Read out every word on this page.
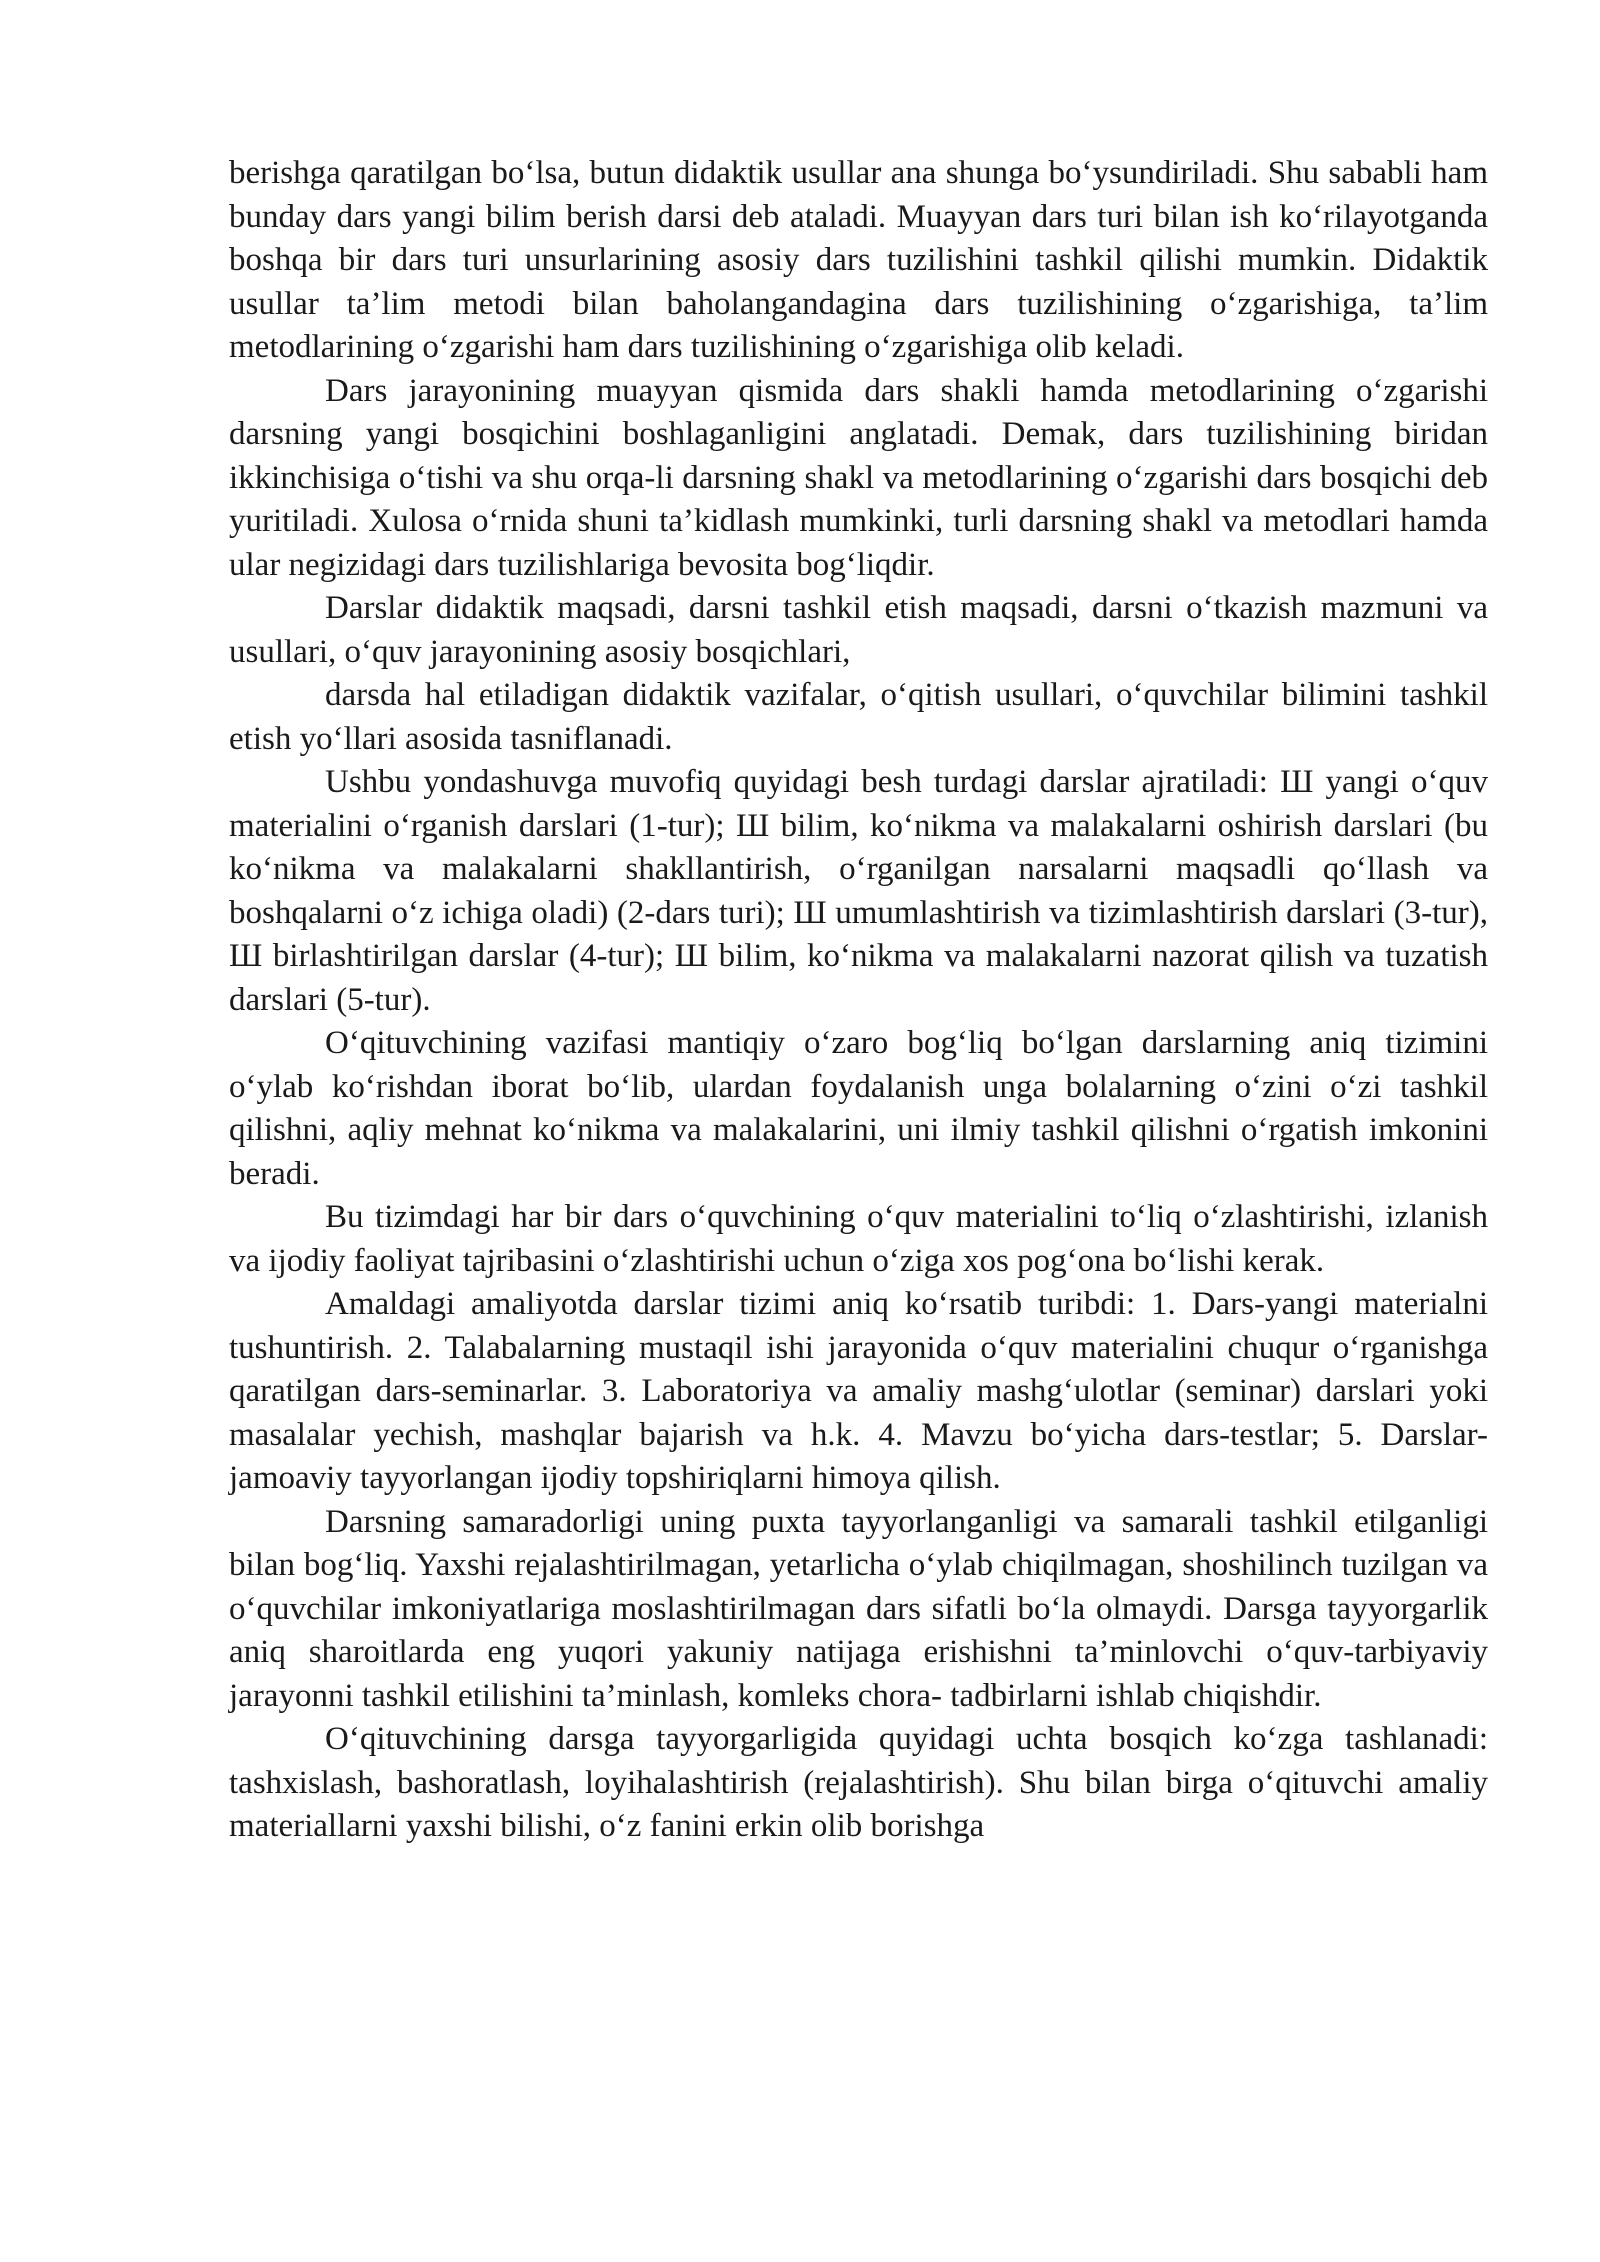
berishga qaratilgan bo‘lsa, butun didaktik usullar ana shunga bo‘ysundiriladi. Shu sababli ham bunday dars yangi bilim berish darsi deb ataladi. Muayyan dars turi bilan ish ko‘rilayotganda boshqa bir dars turi unsurlarining asosiy dars tuzilishini tashkil qilishi mumkin. Didaktik usullar ta’lim metodi bilan baholangandagina dars tuzilishining o‘zgarishiga, ta’lim metodlarining o‘zgarishi ham dars tuzilishining o‘zgarishiga olib keladi.

Dars jarayonining muayyan qismida dars shakli hamda metodlarining o‘zgarishi darsning yangi bosqichini boshlaganligini anglatadi. Demak, dars tuzilishining biridan ikkinchisiga o‘tishi va shu orqa-li darsning shakl va metodlarining o‘zgarishi dars bosqichi deb yuritiladi. Xulosa o‘rnida shuni ta’kidlash mumkinki, turli darsning shakl va metodlari hamda ular negizidagi dars tuzilishlariga bevosita bog‘liqdir.

Darslar didaktik maqsadi, darsni tashkil etish maqsadi, darsni o‘tkazish mazmuni va usullari, o‘quv jarayonining asosiy bosqichlari,

darsda hal etiladigan didaktik vazifalar, o‘qitish usullari, o‘quvchilar bilimini tashkil etish yo‘llari asosida tasniflanadi.

Ushbu yondashuvga muvofiq quyidagi besh turdagi darslar ajratiladi: Ш yangi o‘quv materialini o‘rganish darslari (1-tur); Ш bilim, ko‘nikma va malakalarni oshirish darslari (bu ko‘nikma va malakalarni shakllantirish, o‘rganilgan narsalarni maqsadli qo‘llash va boshqalarni o‘z ichiga oladi) (2-dars turi); Ш umumlashtirish va tizimlashtirish darslari (3-tur), Ш birlashtirilgan darslar (4-tur); Ш bilim, ko‘nikma va malakalarni nazorat qilish va tuzatish darslari (5-tur).

O‘qituvchining vazifasi mantiqiy o‘zaro bog‘liq bo‘lgan darslarning aniq tizimini o‘ylab ko‘rishdan iborat bo‘lib, ulardan foydalanish unga bolalarning o‘zini o‘zi tashkil qilishni, aqliy mehnat ko‘nikma va malakalarini, uni ilmiy tashkil qilishni o‘rgatish imkonini beradi.

Bu tizimdagi har bir dars o‘quvchining o‘quv materialini to‘liq o‘zlashtirishi, izlanish va ijodiy faoliyat tajribasini o‘zlashtirishi uchun o‘ziga xos pog‘ona bo‘lishi kerak.

Amaldagi amaliyotda darslar tizimi aniq ko‘rsatib turibdi: 1. Dars-yangi materialni tushuntirish. 2. Talabalarning mustaqil ishi jarayonida o‘quv materialini chuqur o‘rganishga qaratilgan dars-seminarlar. 3. Laboratoriya va amaliy mashg‘ulotlar (seminar) darslari yoki masalalar yechish, mashqlar bajarish va h.k. 4. Mavzu bo‘yicha dars-testlar; 5. Darslar-jamoaviy tayyorlangan ijodiy topshiriqlarni himoya qilish.

Darsning samaradorligi uning puxta tayyorlanganligi va samarali tashkil etilganligi bilan bog‘liq. Yaxshi rejalashtirilmagan, yetarlicha o‘ylab chiqilmagan, shoshilinch tuzilgan va o‘quvchilar imkoniyatlariga moslashtirilmagan dars sifatli bo‘la olmaydi. Darsga tayyorgarlik aniq sharoitlarda eng yuqori yakuniy natijaga erishishni ta’minlovchi o‘quv-tarbiyaviy jarayonni tashkil etilishini ta’minlash, komleks chora- tadbirlarni ishlab chiqishdir.

O‘qituvchining darsga tayyorgarligida quyidagi uchta bosqich ko‘zga tashlanadi: tashxislash, bashoratlash, loyihalashtirish (rejalashtirish). Shu bilan birga o‘qituvchi amaliy materiallarni yaxshi bilishi, o‘z fanini erkin olib borishga
